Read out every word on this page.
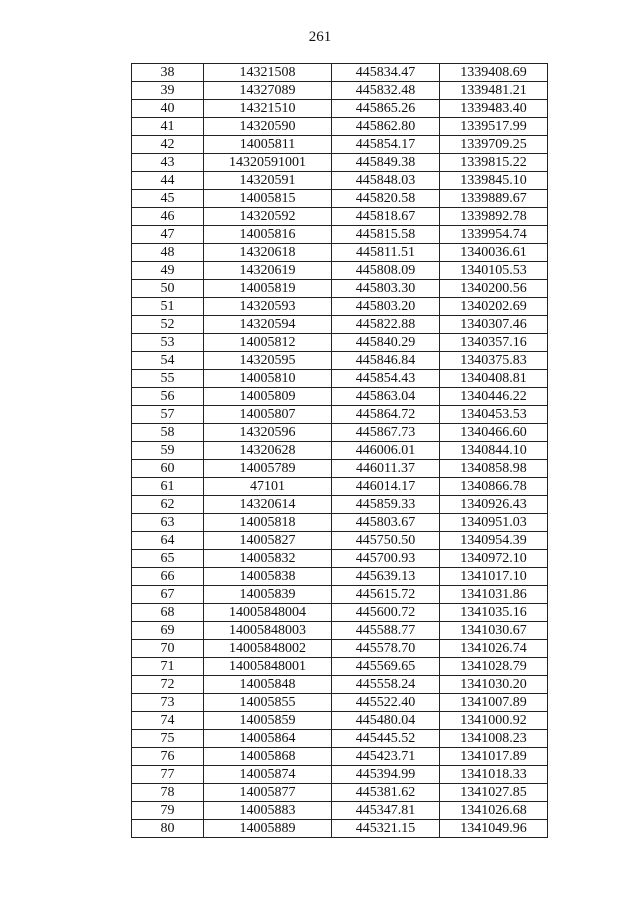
261
38	14321508	445834.47	1339408.69
39	14327089	445832.48	1339481.21
40	14321510	445865.26	1339483.40
41	14320590	445862.80	1339517.99
42	14005811	445854.17	1339709.25
43	14320591001	445849.38	1339815.22
44	14320591	445848.03	1339845.10
45	14005815	445820.58	1339889.67
46	14320592	445818.67	1339892.78
47	14005816	445815.58	1339954.74
48	14320618	445811.51	1340036.61
49	14320619	445808.09	1340105.53
50	14005819	445803.30	1340200.56
51	14320593	445803.20	1340202.69
52	14320594	445822.88	1340307.46
53	14005812	445840.29	1340357.16
54	14320595	445846.84	1340375.83
55	14005810	445854.43	1340408.81
56	14005809	445863.04	1340446.22
57	14005807	445864.72	1340453.53
58	14320596	445867.73	1340466.60
59	14320628	446006.01	1340844.10
60	14005789	446011.37	1340858.98
61	47101	446014.17	1340866.78
62	14320614	445859.33	1340926.43
63	14005818	445803.67	1340951.03
64	14005827	445750.50	1340954.39
65	14005832	445700.93	1340972.10
66	14005838	445639.13	1341017.10
67	14005839	445615.72	1341031.86
68	14005848004	445600.72	1341035.16
69	14005848003	445588.77	1341030.67
70	14005848002	445578.70	1341026.74
71	14005848001	445569.65	1341028.79
72	14005848	445558.24	1341030.20
73	14005855	445522.40	1341007.89
74	14005859	445480.04	1341000.92
75	14005864	445445.52	1341008.23
76	14005868	445423.71	1341017.89
77	14005874	445394.99	1341018.33
78	14005877	445381.62	1341027.85
79	14005883	445347.81	1341026.68
80	14005889	445321.15	1341049.96
